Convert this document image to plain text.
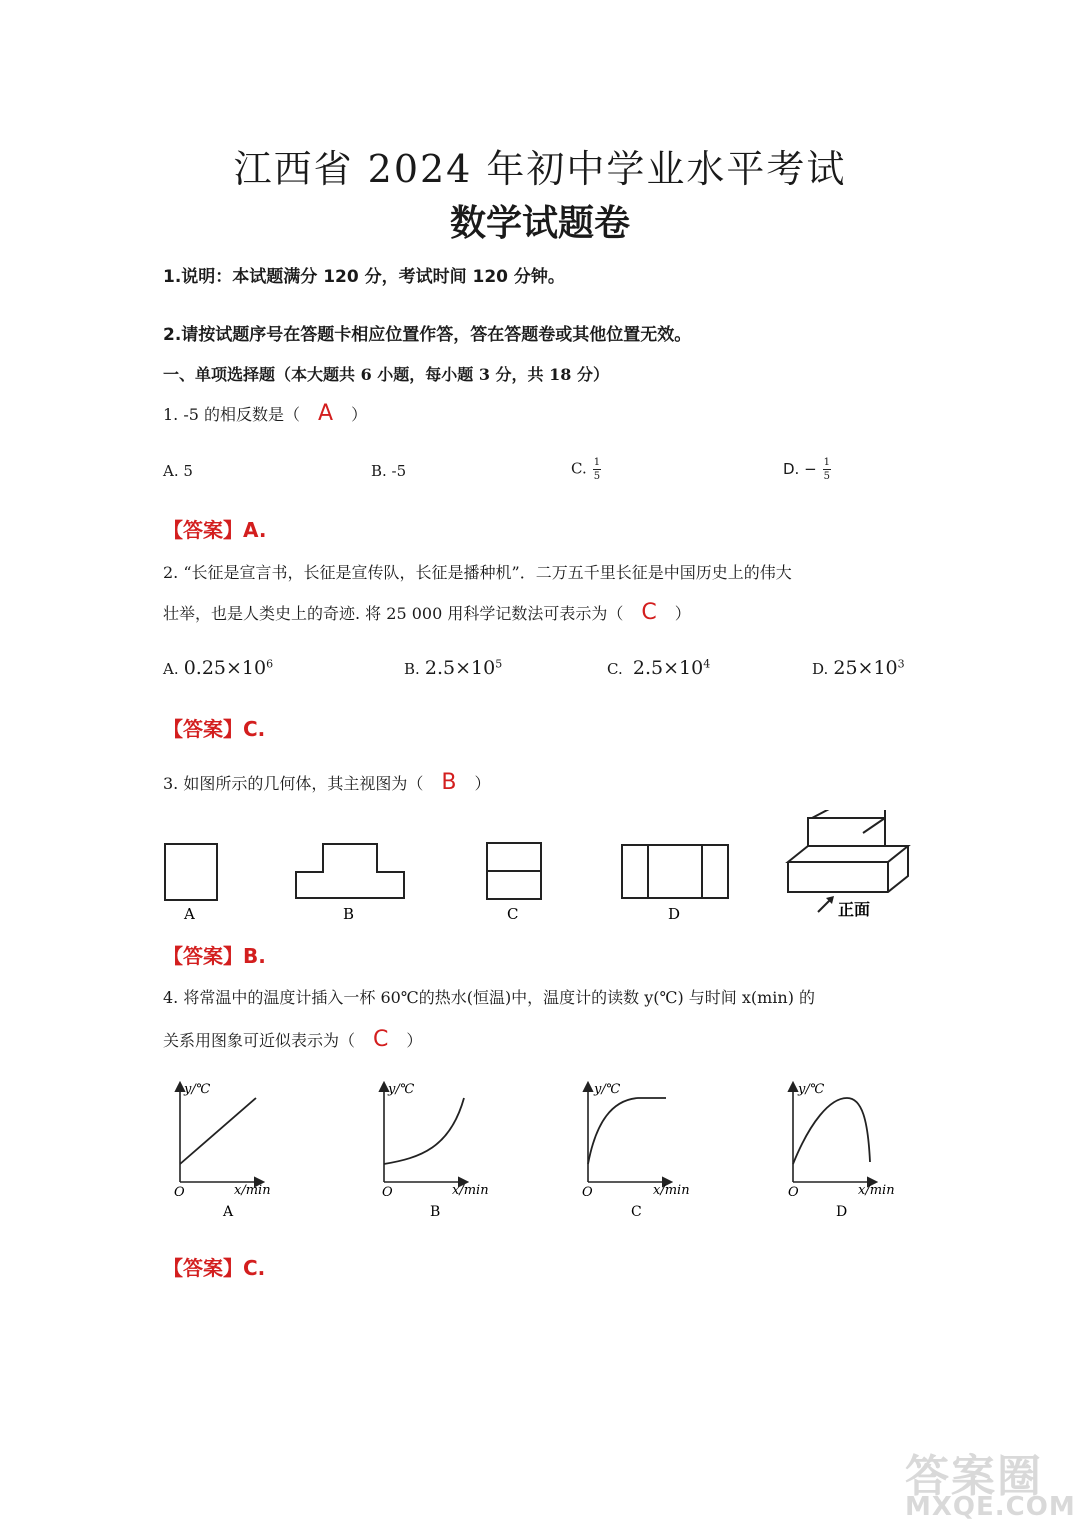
江西省 2024 年初中学业水平考试
数学试题卷
1.说明：本试题满分 120 分，考试时间 120 分钟。
2.请按试题序号在答题卡相应位置作答，答在答题卷或其他位置无效。
一、单项选择题（本大题共 6 小题，每小题 3 分，共 18 分）
1. -5 的相反数是（ A ）
A. 5	B. -5	C. $\frac{1}{5}$	D. − $\frac{1}{5}$
【答案】A.
2. “长征是宣言书，长征是宣传队，长征是播种机”．二万五千里长征是中国历史上的伟大
壮举，也是人类史上的奇迹. 将 25 000 用科学记数法可表示为（ C ）
A. $0.25\times 10^6$	B. $2.5\times 10^5$	C. $2.5\times 10^4$	D. $25\times 10^3$
【答案】C.
3. 如图所示的几何体，其主视图为（ B ）
A	B	C	D	正面
【答案】B.
4. 将常温中的温度计插入一杯 60℃的热水(恒温)中，温度计的读数 y(℃) 与时间 x(min) 的
关系用图象可近似表示为（ C ）
y/℃
x/min
O
A
y/℃
x/min
O
B
y/℃
x/min
O
C
y/℃
x/min
O
D
【答案】C.
答案圈
MXQE.COM
